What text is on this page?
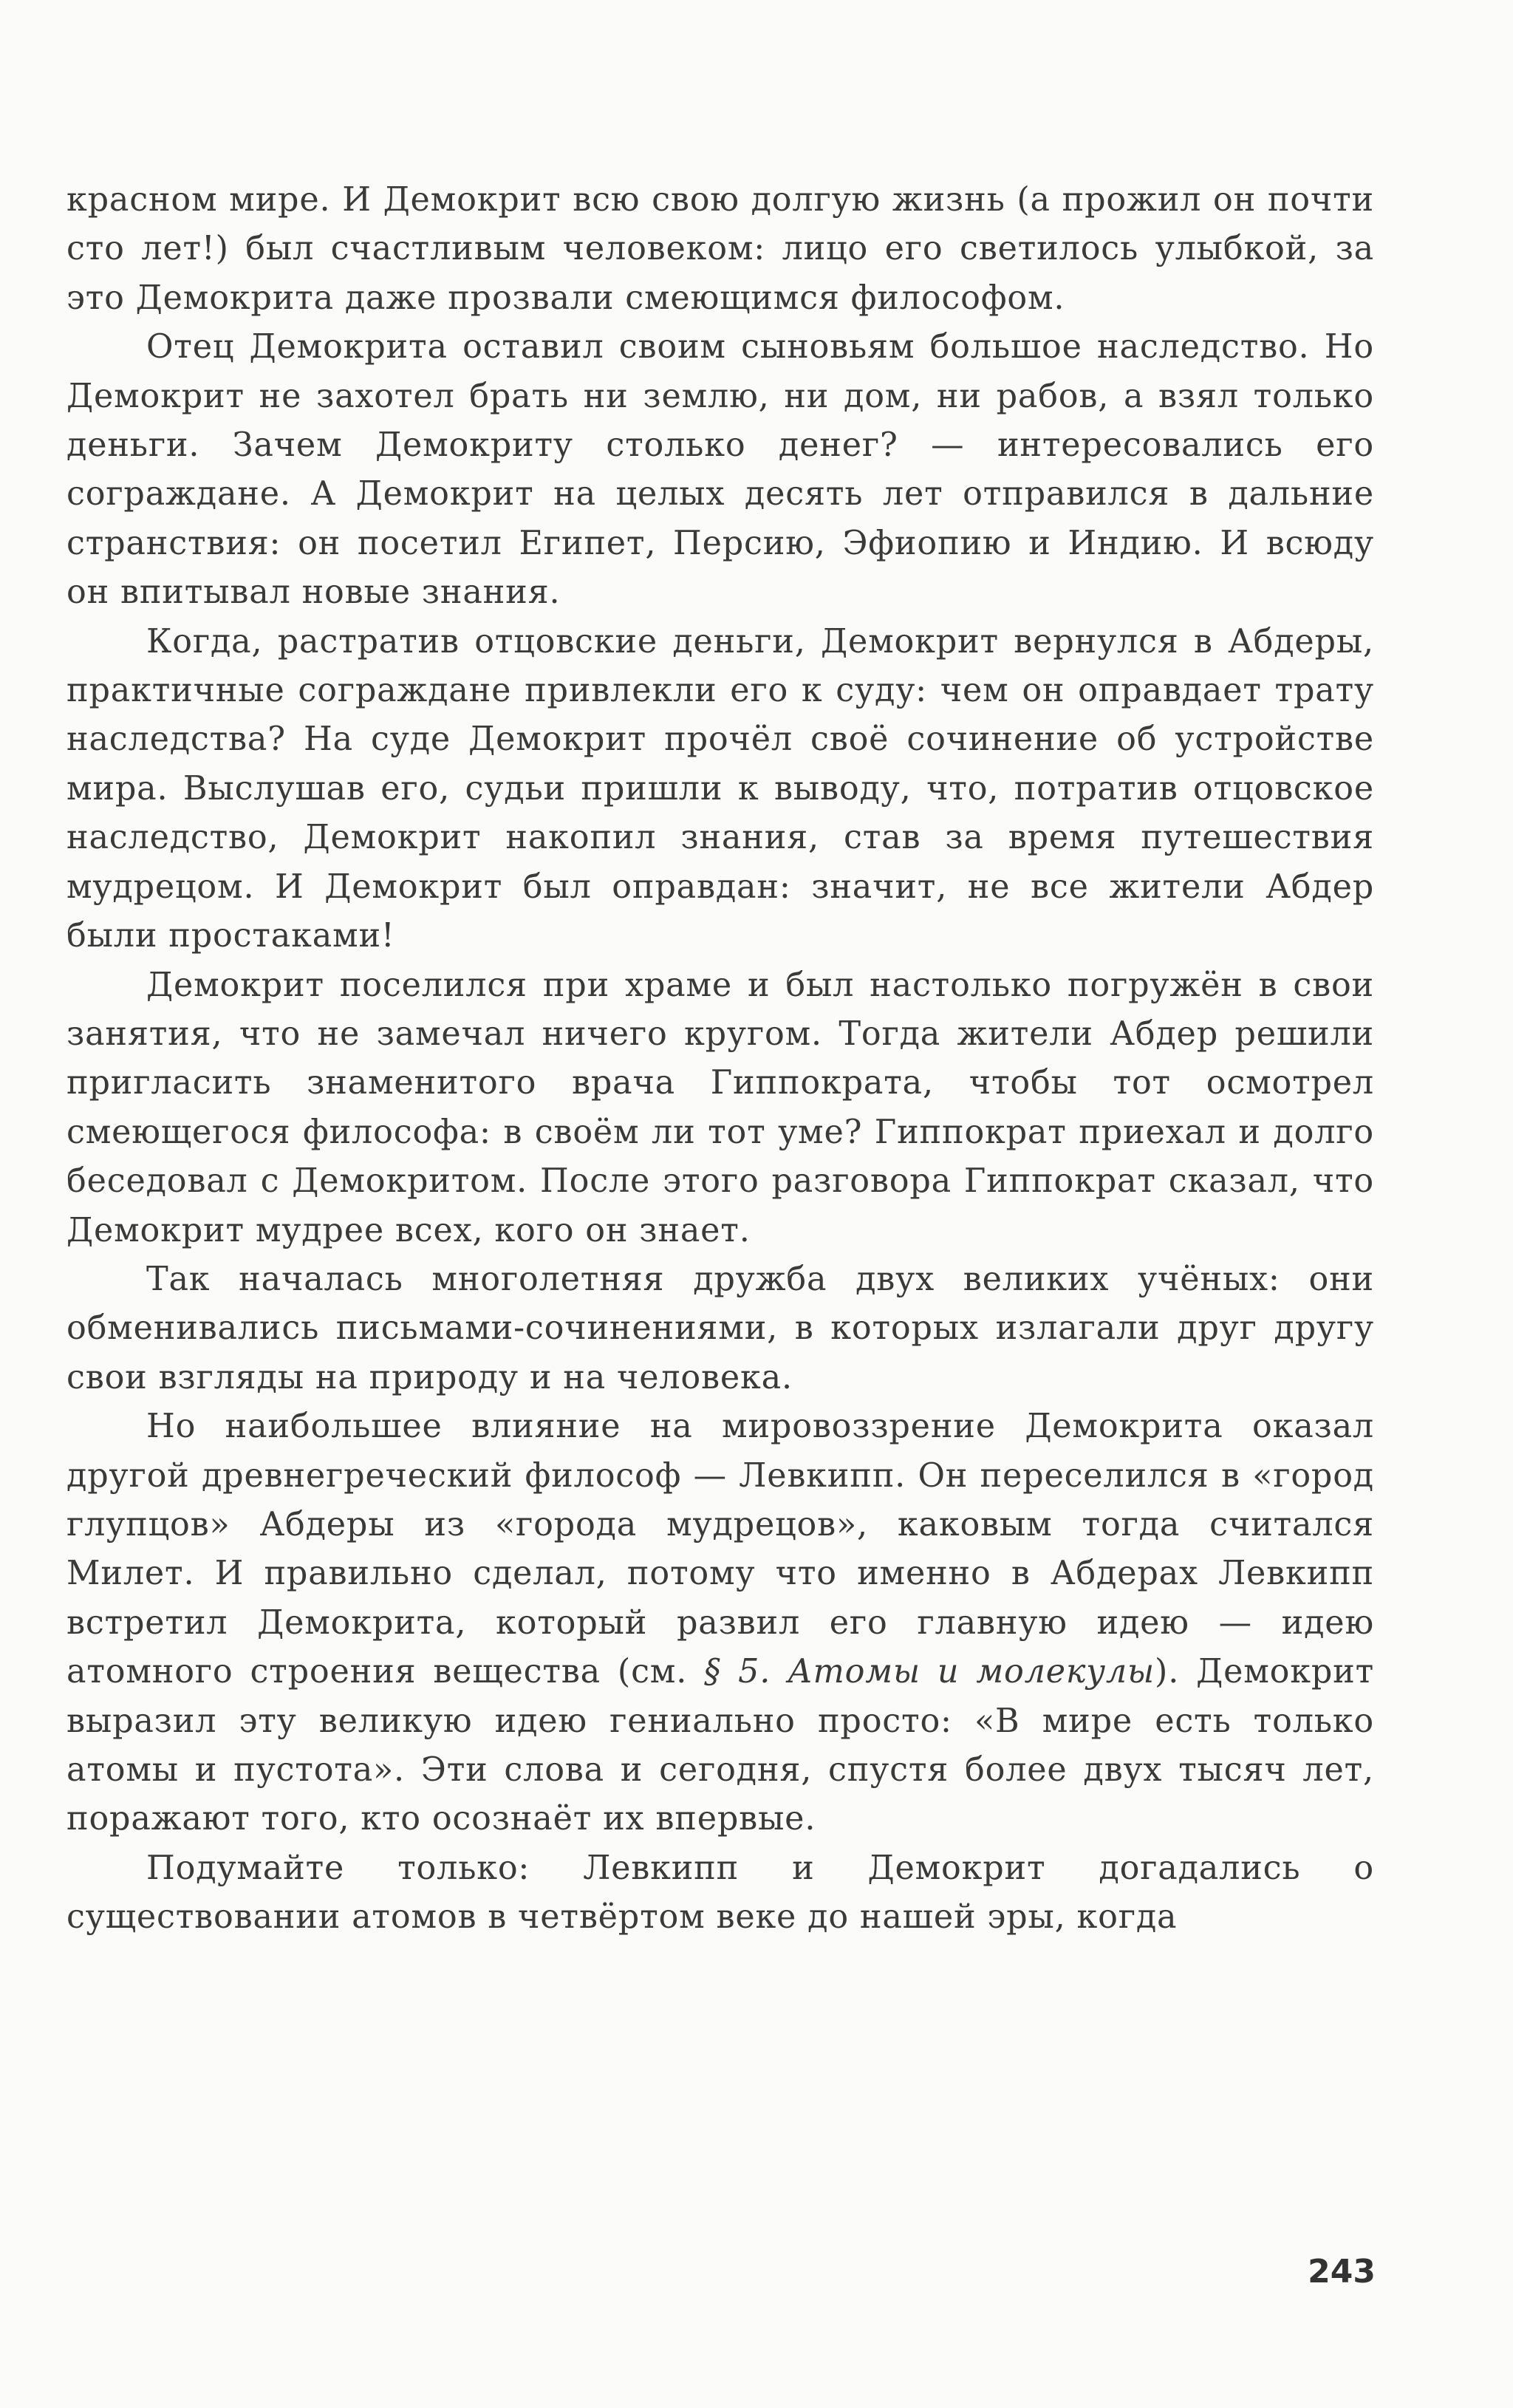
красном мире. И Демокрит всю свою долгую жизнь (а прожил он почти сто лет!) был счастливым человеком: лицо его светилось улыбкой, за это Демокрита даже прозвали смеющимся философом.

Отец Демокрита оставил своим сыновьям большое наследство. Но Демокрит не захотел брать ни землю, ни дом, ни рабов, а взял только деньги. Зачем Демокриту столько денег? — интересовались его сограждане. А Демокрит на целых десять лет отправился в дальние странствия: он посетил Египет, Персию, Эфиопию и Индию. И всюду он впитывал новые знания.

Когда, растратив отцовские деньги, Демокрит вернулся в Абдеры, практичные сограждане привлекли его к суду: чем он оправдает трату наследства? На суде Демокрит прочёл своё сочинение об устройстве мира. Выслушав его, судьи пришли к выводу, что, потратив отцовское наследство, Демокрит накопил знания, став за время путешествия мудрецом. И Демокрит был оправдан: значит, не все жители Абдер были простаками!

Демокрит поселился при храме и был настолько погружён в свои занятия, что не замечал ничего кругом. Тогда жители Абдер решили пригласить знаменитого врача Гиппократа, чтобы тот осмотрел смеющегося философа: в своём ли тот уме? Гиппократ приехал и долго беседовал с Демокритом. После этого разговора Гиппократ сказал, что Демокрит мудрее всех, кого он знает.

Так началась многолетняя дружба двух великих учёных: они обменивались письмами-сочинениями, в которых излагали друг другу свои взгляды на природу и на человека.

Но наибольшее влияние на мировоззрение Демокрита оказал другой древнегреческий философ — Левкипп. Он переселился в «город глупцов» Абдеры из «города мудрецов», каковым тогда считался Милет. И правильно сделал, потому что именно в Абдерах Левкипп встретил Демокрита, который развил его главную идею — идею атомного строения вещества (см. § 5. Атомы и молекулы). Демокрит выразил эту великую идею гениально просто: «В мире есть только атомы и пустота». Эти слова и сегодня, спустя более двух тысяч лет, поражают того, кто осознаёт их впервые.

Подумайте только: Левкипп и Демокрит догадались о существовании атомов в четвёртом веке до нашей эры, когда

243
